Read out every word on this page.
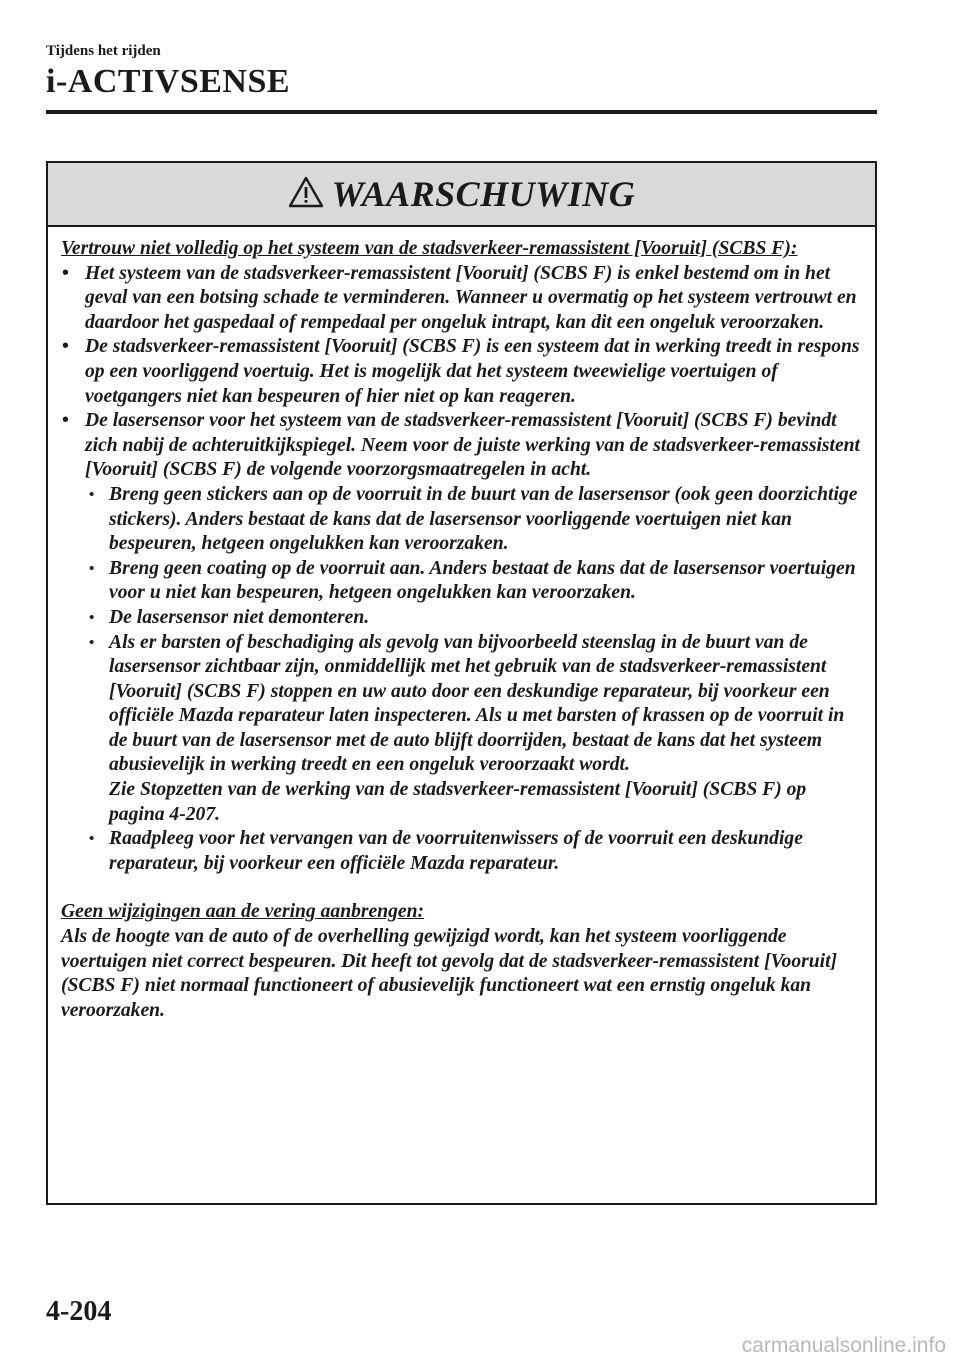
Tijdens het rijden

i-ACTIVSENSE
WAARSCHUWING

Vertrouw niet volledig op het systeem van de stadsverkeer-remassistent [Vooruit] (SCBS F):

• Het systeem van de stadsverkeer-remassistent [Vooruit] (SCBS F) is enkel bestemd om in het geval van een botsing schade te verminderen. Wanneer u overmatig op het systeem vertrouwt en daardoor het gaspedaal of rempedaal per ongeluk intrapt, kan dit een ongeluk veroorzaken.
• De stadsverkeer-remassistent [Vooruit] (SCBS F) is een systeem dat in werking treedt in respons op een voorliggend voertuig. Het is mogelijk dat het systeem tweewielige voertuigen of voetgangers niet kan bespeuren of hier niet op kan reageren.
• De lasersensor voor het systeem van de stadsverkeer-remassistent [Vooruit] (SCBS F) bevindt zich nabij de achteruitkijkspiegel. Neem voor de juiste werking van de stadsverkeer-remassistent [Vooruit] (SCBS F) de volgende voorzorgsmaatregelen in acht.
• Breng geen stickers aan op de voorruit in de buurt van de lasersensor (ook geen doorzichtige stickers). Anders bestaat de kans dat de lasersensor voorliggende voertuigen niet kan bespeuren, hetgeen ongelukken kan veroorzaken.
• Breng geen coating op de voorruit aan. Anders bestaat de kans dat de lasersensor voertuigen voor u niet kan bespeuren, hetgeen ongelukken kan veroorzaken.
• De lasersensor niet demonteren.
• Als er barsten of beschadiging als gevolg van bijvoorbeeld steenslag in de buurt van de lasersensor zichtbaar zijn, onmiddellijk met het gebruik van de stadsverkeer-remassistent [Vooruit] (SCBS F) stoppen en uw auto door een deskundige reparateur, bij voorkeur een officiële Mazda reparateur laten inspecteren. Als u met barsten of krassen op de voorruit in de buurt van de lasersensor met de auto blijft doorrijden, bestaat de kans dat het systeem abusievelijk in werking treedt en een ongeluk veroorzaakt wordt.
Zie Stopzetten van de werking van de stadsverkeer-remassistent [Vooruit] (SCBS F) op pagina 4-207.
• Raadpleeg voor het vervangen van de voorruitenwissers of de voorruit een deskundige reparateur, bij voorkeur een officiële Mazda reparateur.

Geen wijzigingen aan de vering aanbrengen:

Als de hoogte van de auto of de overhelling gewijzigd wordt, kan het systeem voorliggende voertuigen niet correct bespeuren. Dit heeft tot gevolg dat de stadsverkeer-remassistent [Vooruit] (SCBS F) niet normaal functioneert of abusievelijk functioneert wat een ernstig ongeluk kan veroorzaken.

4-204

carmanualsonline.info
